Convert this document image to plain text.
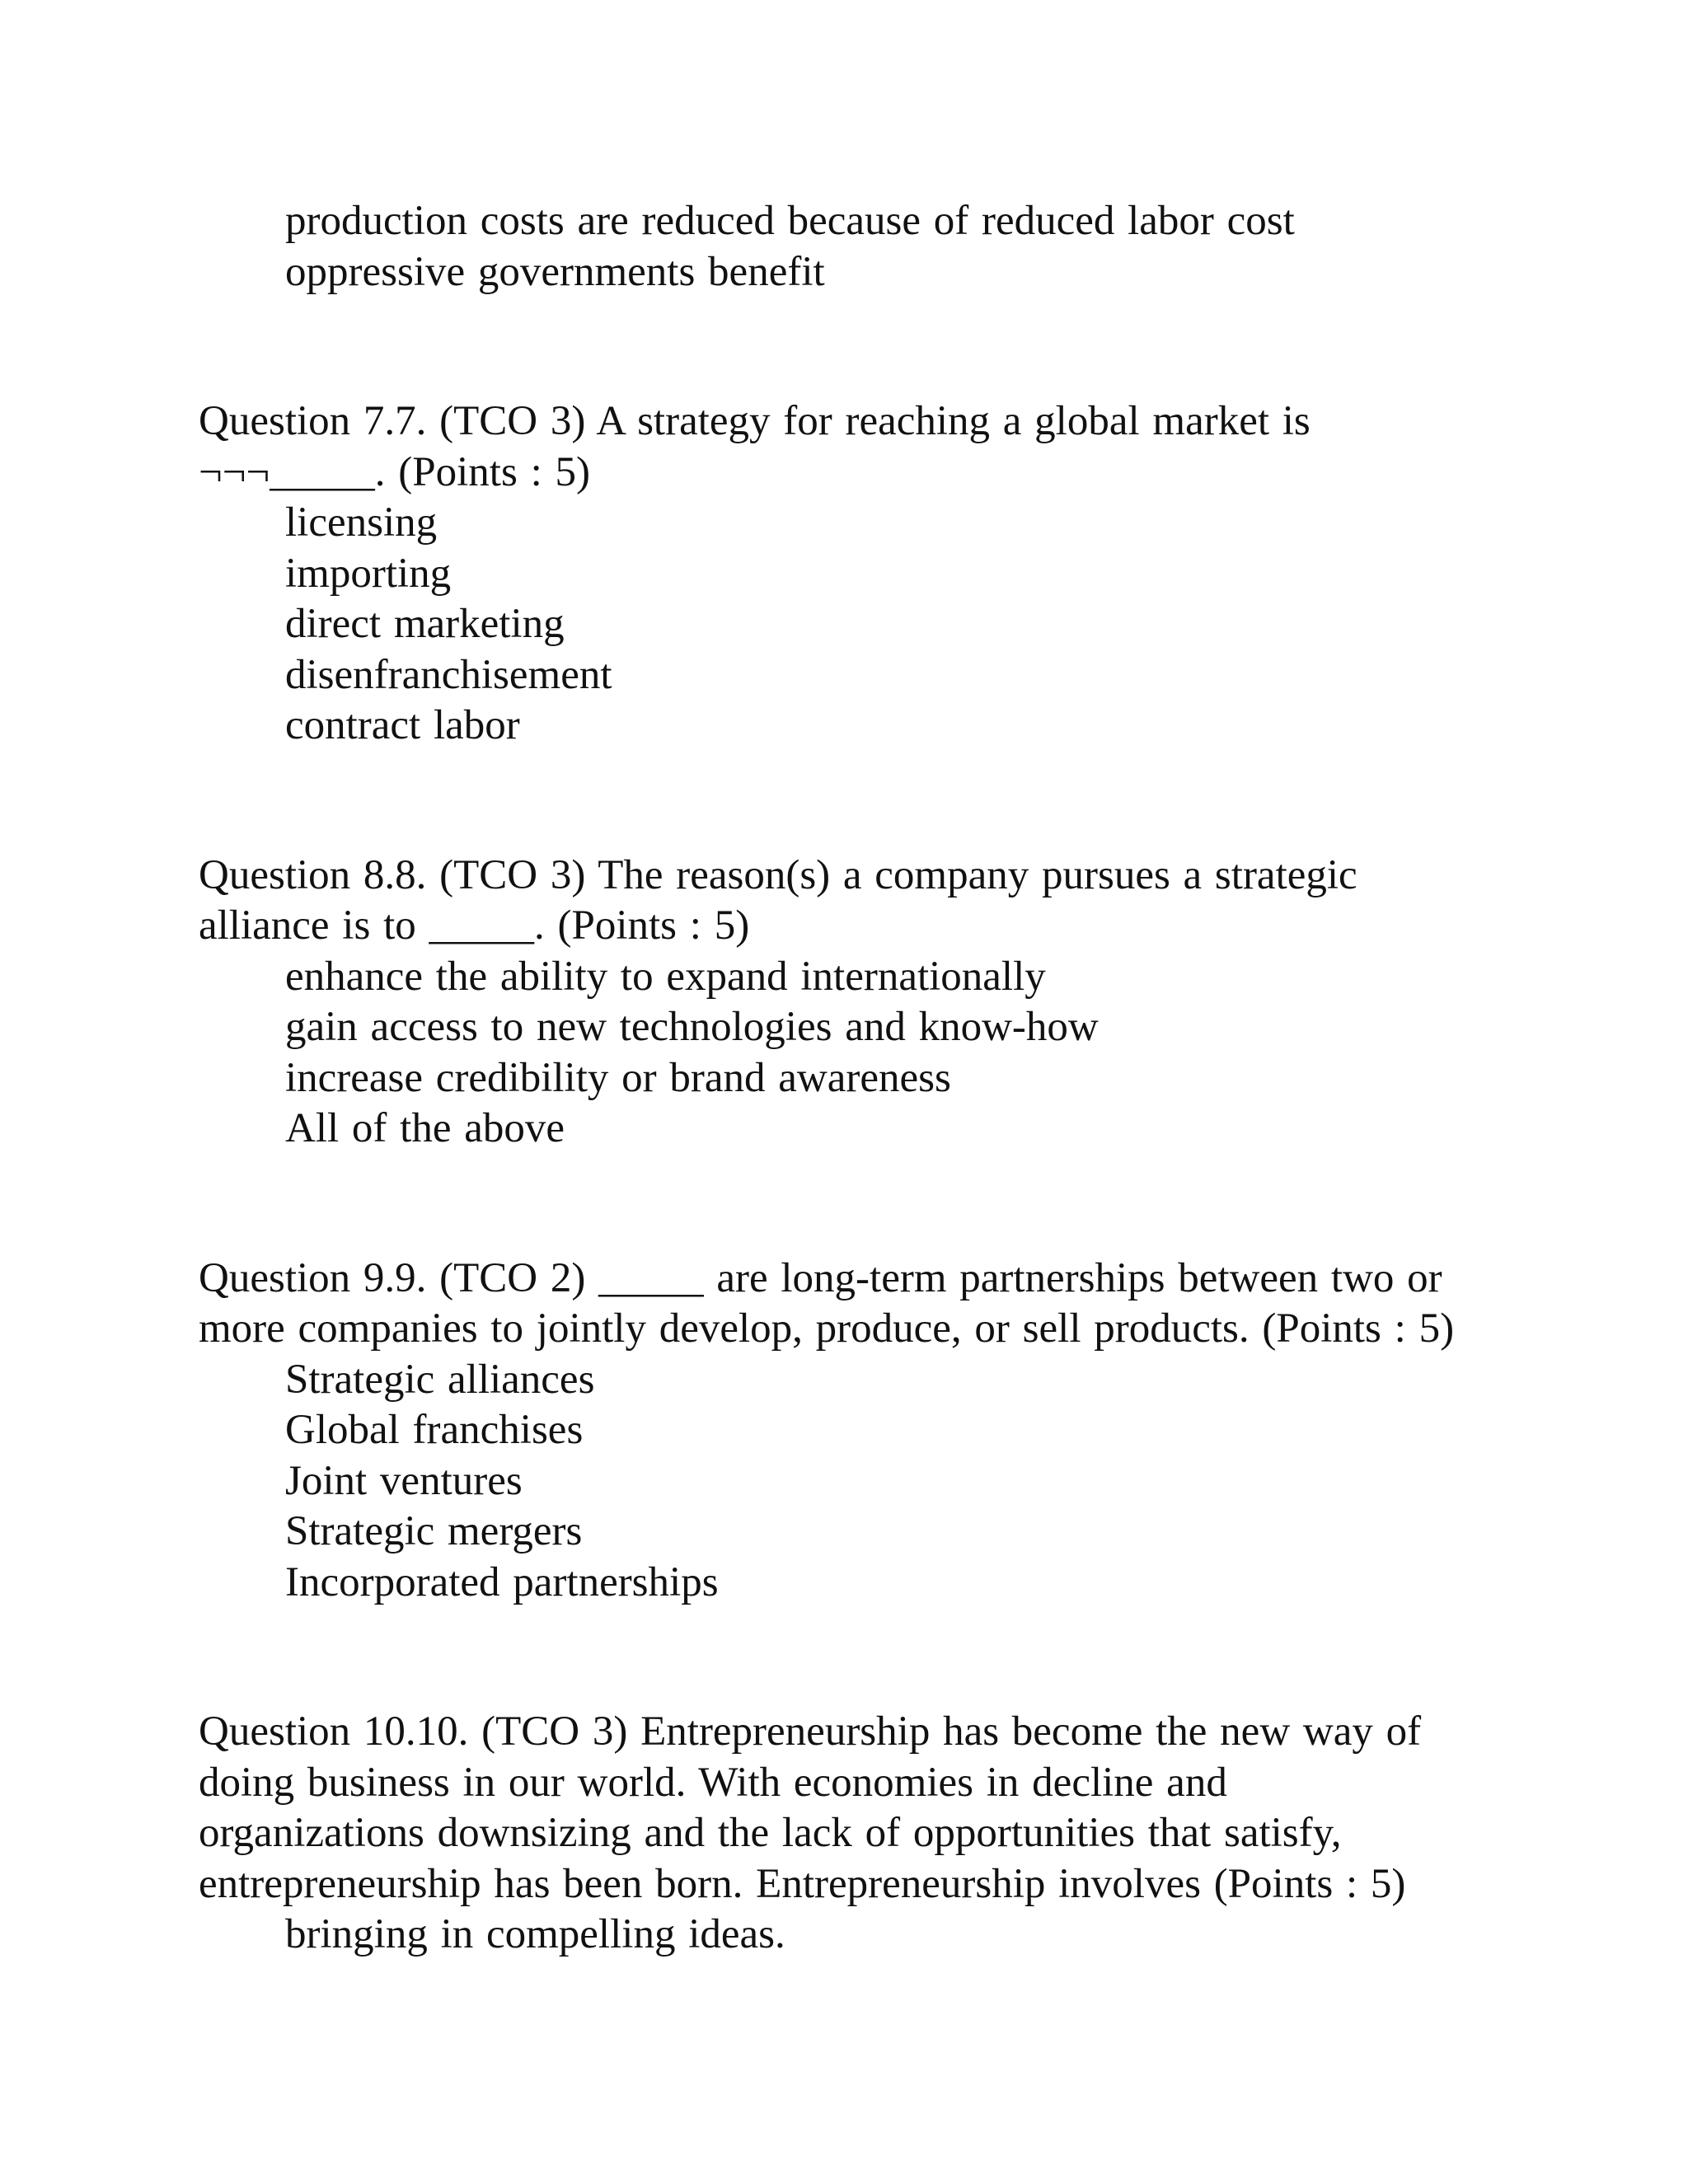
production costs are reduced because of reduced labor cost
oppressive governments benefit
Question 7.7. (TCO 3) A strategy for reaching a global market is
¬¬¬_____. (Points : 5)
licensing
importing
direct marketing
disenfranchisement
contract labor
Question 8.8. (TCO 3) The reason(s) a company pursues a strategic
alliance is to _____. (Points : 5)
enhance the ability to expand internationally
gain access to new technologies and know-how
increase credibility or brand awareness
All of the above
Question 9.9. (TCO 2) _____ are long-term partnerships between two or
more companies to jointly develop, produce, or sell products. (Points : 5)
Strategic alliances
Global franchises
Joint ventures
Strategic mergers
Incorporated partnerships
Question 10.10. (TCO 3) Entrepreneurship has become the new way of
doing business in our world. With economies in decline and
organizations downsizing and the lack of opportunities that satisfy,
entrepreneurship has been born. Entrepreneurship involves (Points : 5)
bringing in compelling ideas.
